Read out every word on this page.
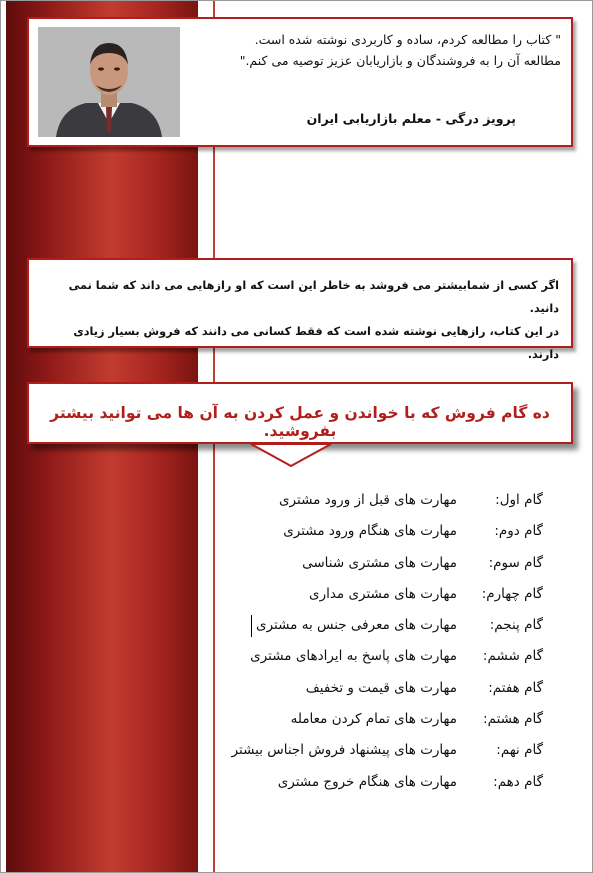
" کتاب را مطالعه کردم، ساده و کاربردی نوشته شده است.
مطالعه آن را به فروشندگان و بازاریابان عزیز توصیه می کنم."
پرویز درگی - معلم بازاریابی ایران
اگر کسی از شمابیشتر می فروشد به خاطر این است که او رازهایی می داند که شما نمی دانید.
در این کتاب، رازهایی نوشته شده است که فقط کسانی می دانند که فروش بسیار زیادی دارند.
ده گام فروش که با خواندن و عمل کردن به آن ها می توانید بیشتر بفروشید.
گام اول:مهارت های قبل از ورود مشتری
گام دوم:مهارت های هنگام ورود مشتری
گام سوم:مهارت های مشتری شناسی
گام چهارم:مهارت های مشتری مداری
گام پنجم:مهارت های معرفی جنس به مشتری
گام ششم:مهارت های پاسخ به ایرادهای مشتری
گام هفتم:مهارت های قیمت و تخفیف
گام هشتم:مهارت های تمام کردن معامله
گام نهم:مهارت های پیشنهاد فروش اجناس بیشتر
گام دهم:مهارت های هنگام خروج مشتری
